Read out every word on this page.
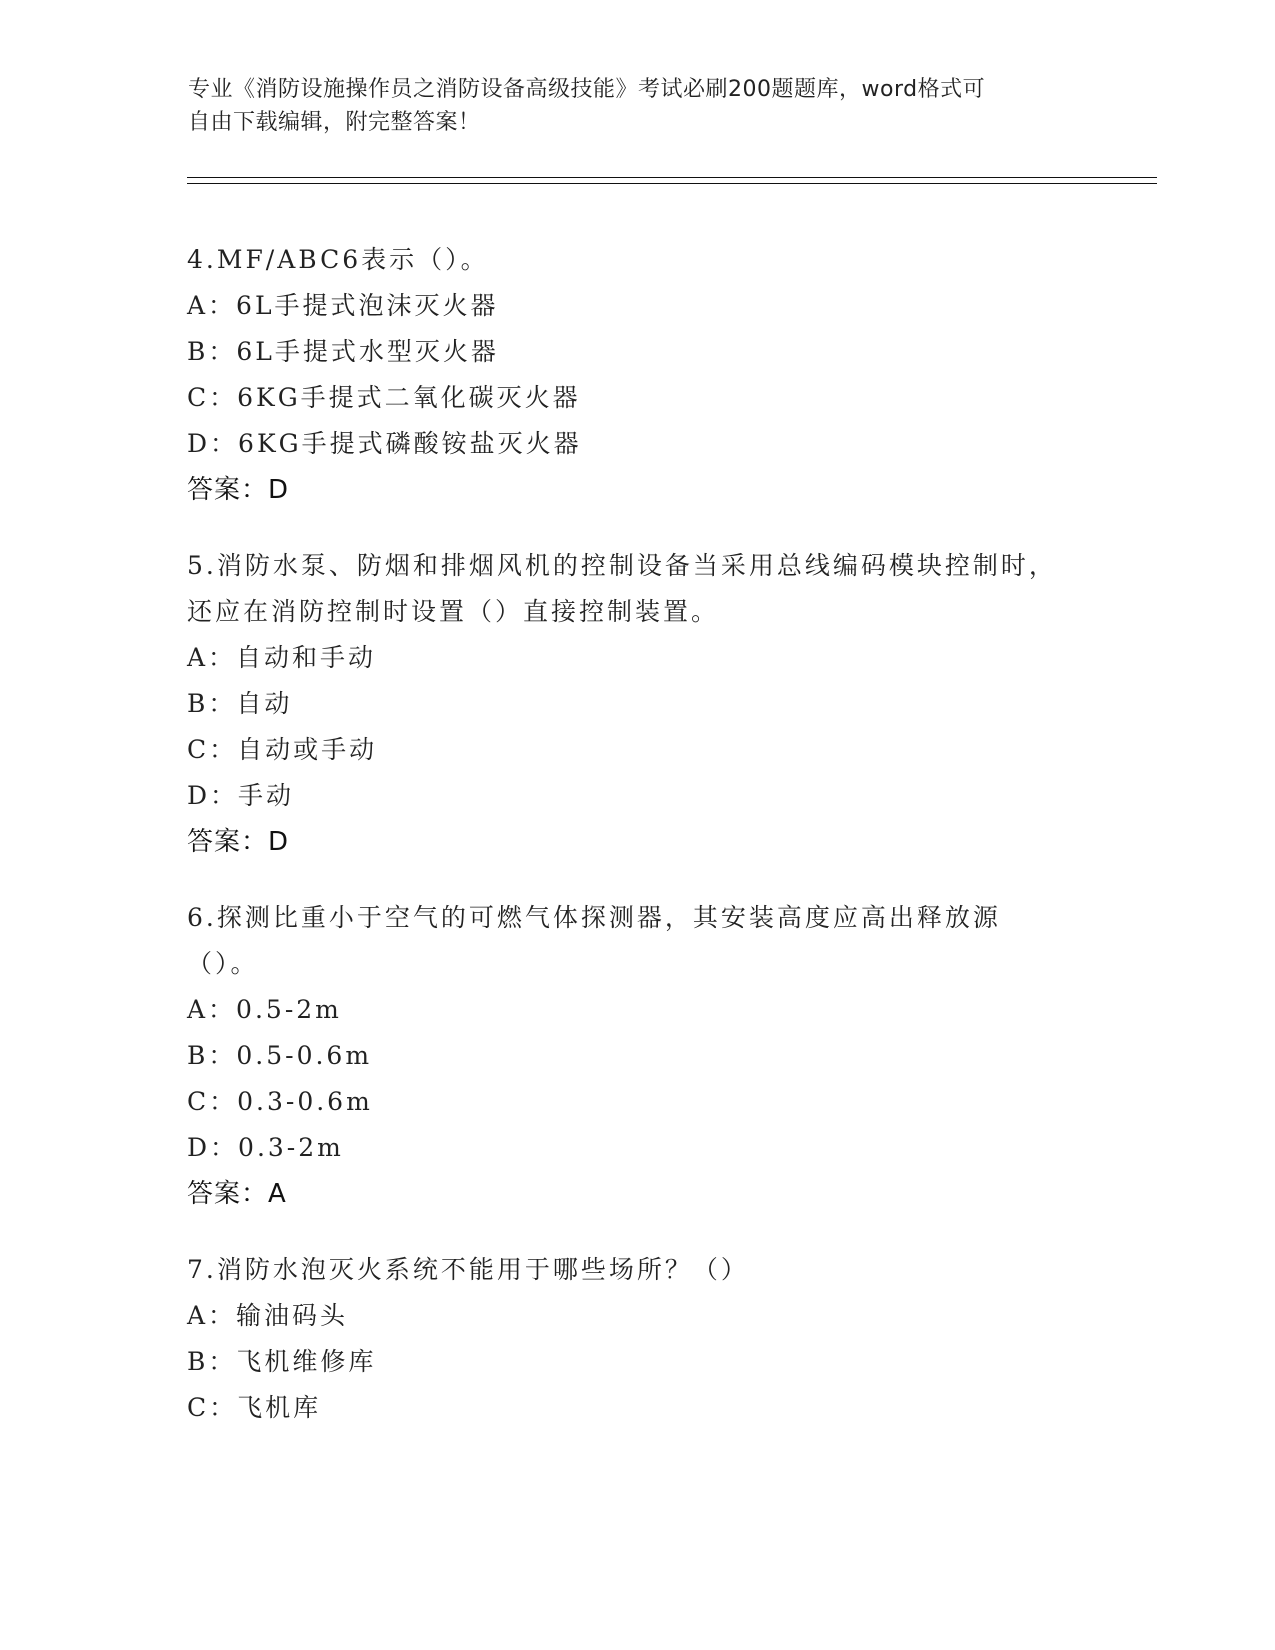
专业《消防设施操作员之消防设备高级技能》考试必刷200题题库，word格式可
自由下载编辑，附完整答案！
4.MF/ABC6表示（）。
A：6L手提式泡沫灭火器
B：6L手提式水型灭火器
C：6KG手提式二氧化碳灭火器
D：6KG手提式磷酸铵盐灭火器
答案：D
5.消防水泵、防烟和排烟风机的控制设备当采用总线编码模块控制时，还应在消防控制时设置（）直接控制装置。
A：自动和手动
B：自动
C：自动或手动
D：手动
答案：D
6.探测比重小于空气的可燃气体探测器，其安装高度应高出释放源（）。
A：0.5-2m
B：0.5-0.6m
C：0.3-0.6m
D：0.3-2m
答案：A
7.消防水泡灭火系统不能用于哪些场所？（）
A：输油码头
B：飞机维修库
C：飞机库
